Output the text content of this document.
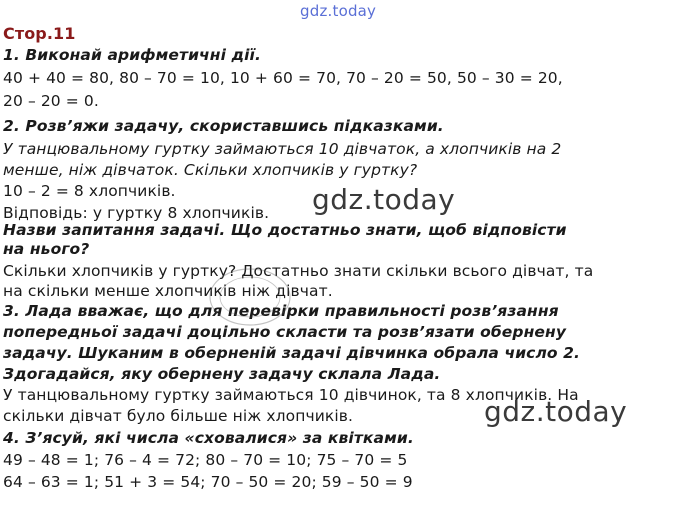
gdz.today
Стор.11
1. Виконай арифметичні дії.
40 + 40 = 80, 80 – 70 = 10, 10 + 60 = 70, 70 – 20 = 50, 50 – 30 = 20,
20 – 20 = 0.
2. Розв’яжи задачу, скориставшись підказками.
У танцювальному гуртку займаються 10 дівчаток, а хлопчиків на 2
менше, ніж дівчаток. Скільки хлопчиків у гуртку?
10 – 2 = 8 хлопчиків.
Відповідь: у гуртку 8 хлопчиків. gdz.today
Назви запитання задачі. Що достатньо знати, щоб відповісти
на нього?
Скільки хлопчиків у гуртку? Достатньо знати скільки всього дівчат, та
на скільки менше хлопчиків ніж дівчат.
3. Лада вважає, що для перевірки правильності розв’язання
попередньої задачі доцільно скласти та розв’язати обернену
задачу. Шуканим в оберненій задачі дівчинка обрала число 2.
Здогадайся, яку обернену задачу склала Лада.
У танцювальному гуртку займаються 10 дівчинок, та 8 хлопчиків. На
скільки дівчат було більше ніж хлопчиків.	gdz.today
4. З’ясуй, які числа «сховалися» за квітками.
49 – 48 = 1; 76 – 4 = 72; 80 – 70 = 10; 75 – 70 = 5
64 – 63 = 1; 51 + 3 = 54; 70 – 50 = 20; 59 – 50 = 9
